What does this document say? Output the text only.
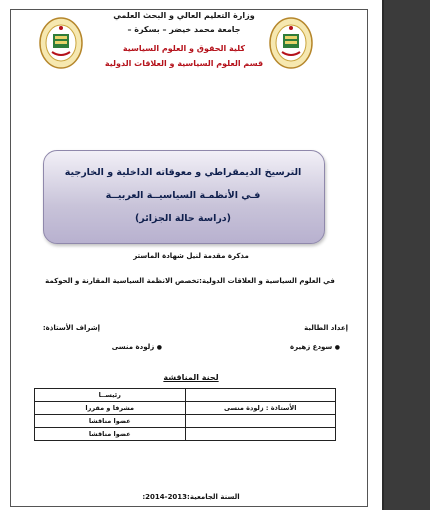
وزارة التعليم العالي و البحث العلمي
جامعة محمد خيضر – بسكرة –
كلية الحقوق و العلوم السياسية
قسم العلوم السياسية و العلاقات الدولية
الترسيخ الديمقراطي و معوقاته الداخلية و الخارجية
فـي الأنظمـة السياسيــة العربيــة
(دراسة حالة الجزائر)
مذكرة مقدمة لنيل شهادة الماستر
في العلوم السياسية و العلاقات الدولية:تخصص الانظمة السياسية المقارنة و الحوكمة
إعداد الطالبة
إشراف الأستاذة:
● سودع زهيرة
● زلودة منسى
لجنة المناقشة
	رئيســا
الأستاذة : زلودة منسى	مشرفا و مقررا
	عضوا مناقشا
	عضوا مناقشا
السنة الجامعية:2013-2014:
